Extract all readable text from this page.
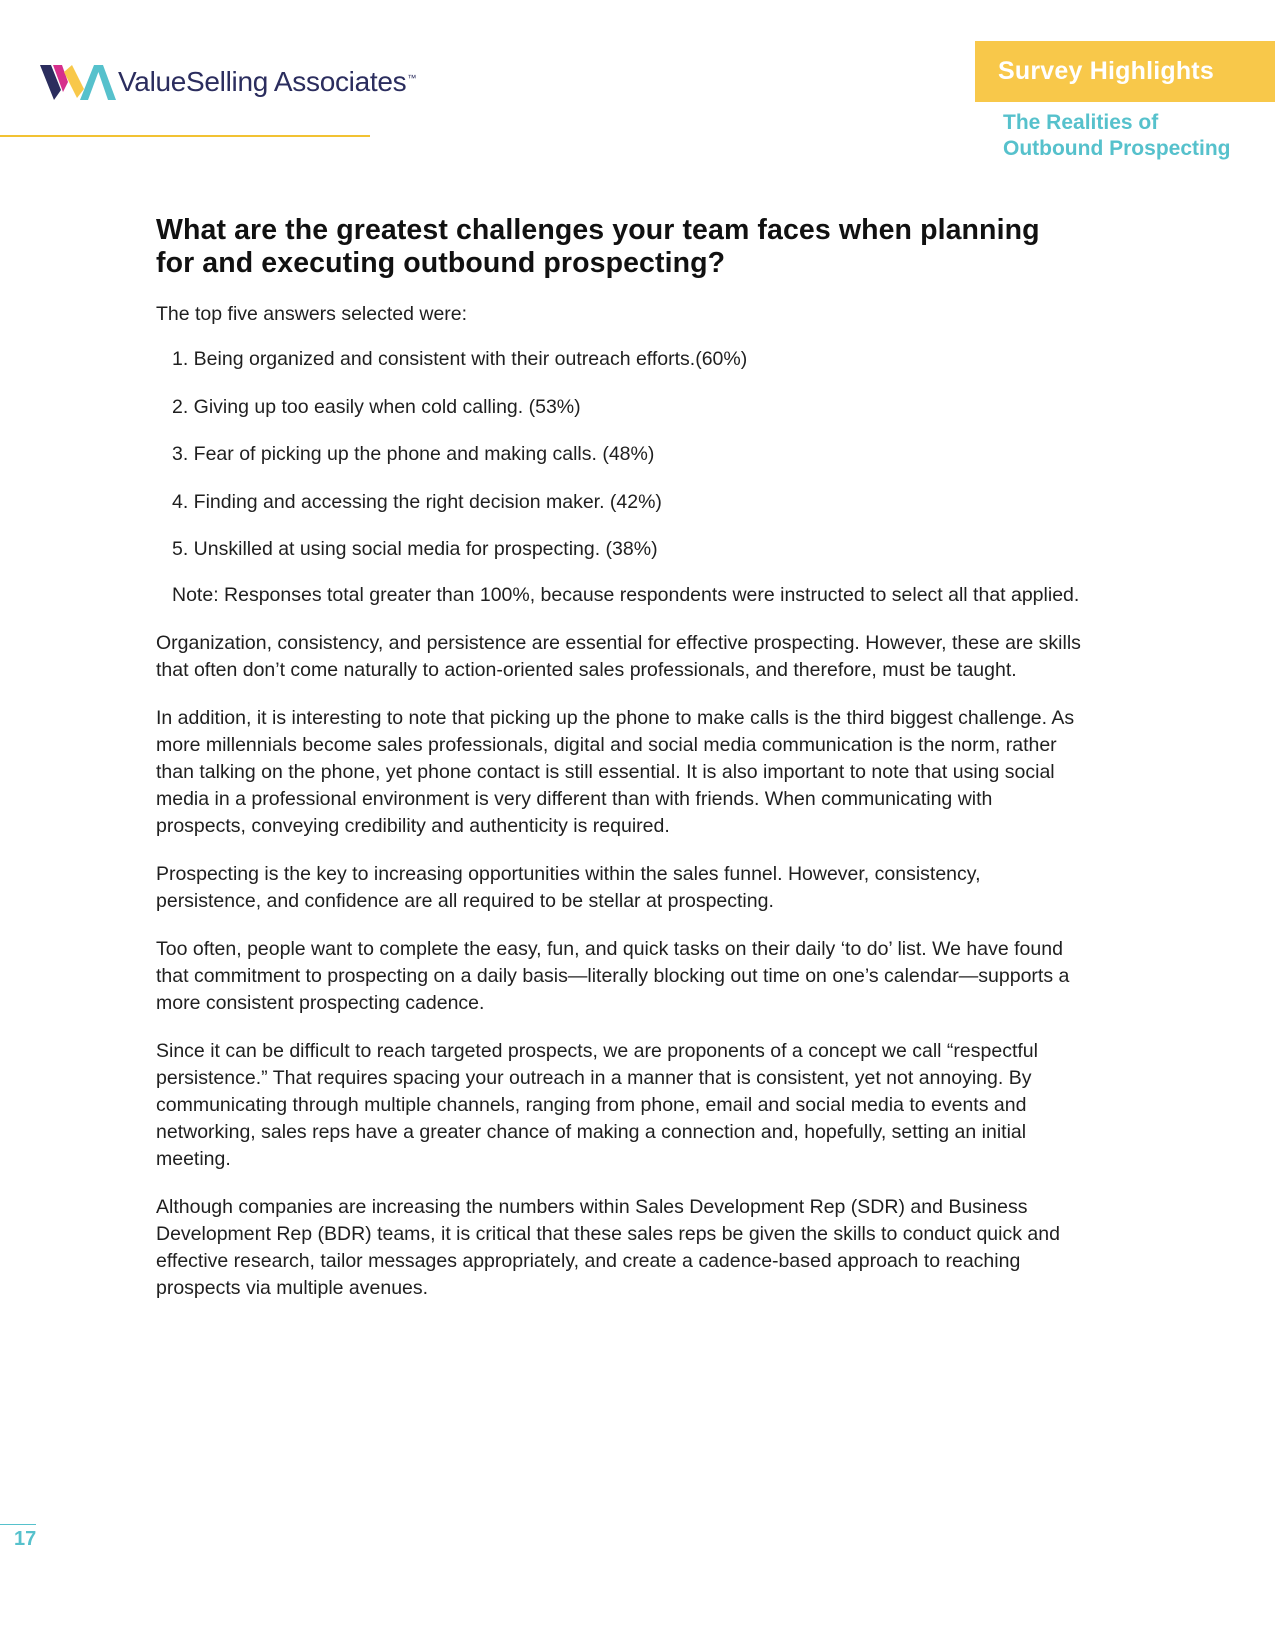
ValueSelling Associates™	Survey Highlights
The Realities of Outbound Prospecting
What are the greatest challenges your team faces when planning for and executing outbound prospecting?

The top five answers selected were:

1. Being organized and consistent with their outreach efforts.(60%)
2. Giving up too easily when cold calling. (53%)
3. Fear of picking up the phone and making calls. (48%)
4. Finding and accessing the right decision maker. (42%)
5. Unskilled at using social media for prospecting. (38%)

Note: Responses total greater than 100%, because respondents were instructed to select all that applied.

Organization, consistency, and persistence are essential for effective prospecting. However, these are skills that often don’t come naturally to action-oriented sales professionals, and therefore, must be taught.

In addition, it is interesting to note that picking up the phone to make calls is the third biggest challenge. As more millennials become sales professionals, digital and social media communication is the norm, rather than talking on the phone, yet phone contact is still essential. It is also important to note that using social media in a professional environment is very different than with friends. When communicating with prospects, conveying credibility and authenticity is required.

Prospecting is the key to increasing opportunities within the sales funnel. However, consistency, persistence, and confidence are all required to be stellar at prospecting.

Too often, people want to complete the easy, fun, and quick tasks on their daily ‘to do’ list. We have found that commitment to prospecting on a daily basis—literally blocking out time on one’s calendar—supports a more consistent prospecting cadence.

Since it can be difficult to reach targeted prospects, we are proponents of a concept we call “respectful persistence.” That requires spacing your outreach in a manner that is consistent, yet not annoying. By communicating through multiple channels, ranging from phone, email and social media to events and networking, sales reps have a greater chance of making a connection and, hopefully, setting an initial meeting.

Although companies are increasing the numbers within Sales Development Rep (SDR) and Business Development Rep (BDR) teams, it is critical that these sales reps be given the skills to conduct quick and effective research, tailor messages appropriately, and create a cadence-based approach to reaching prospects via multiple avenues.

17
